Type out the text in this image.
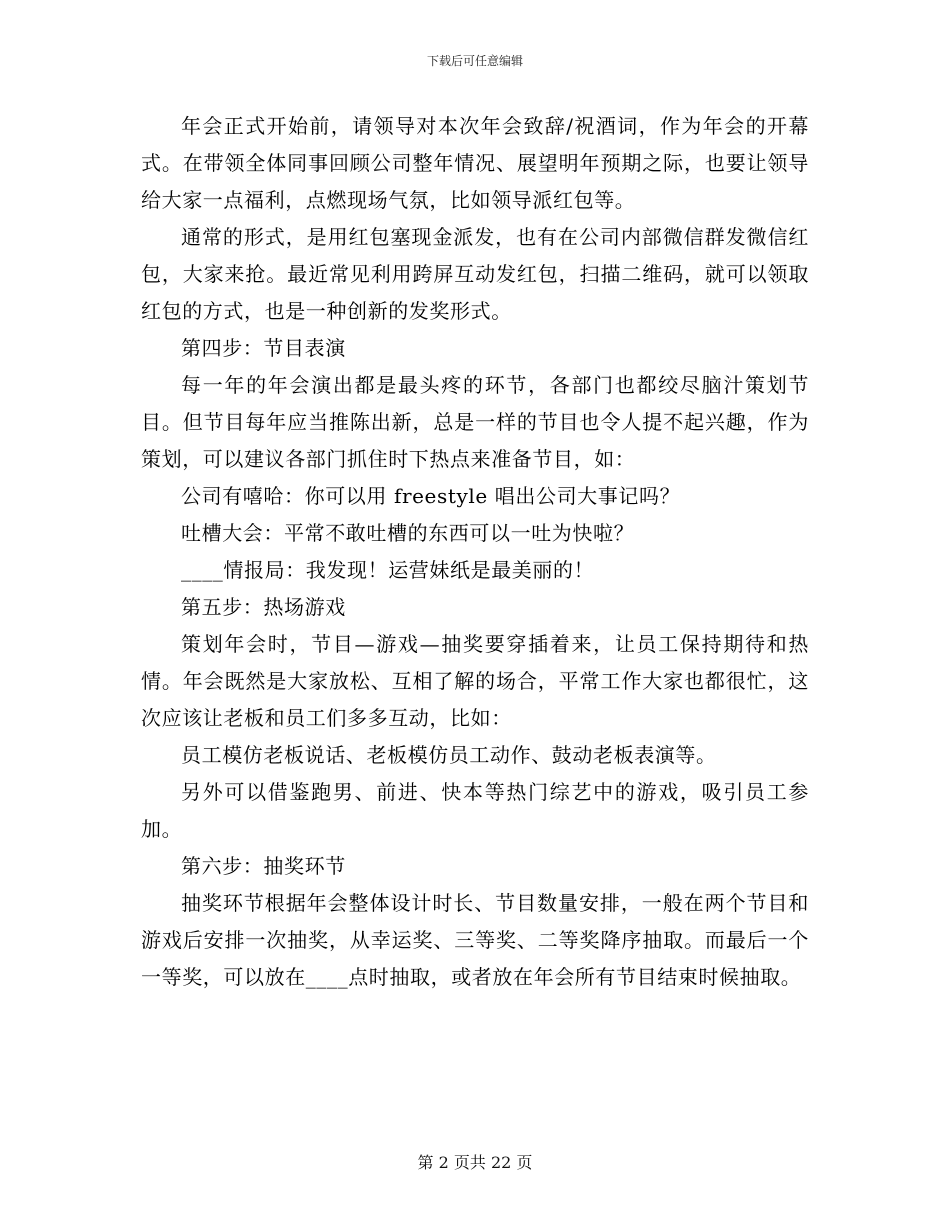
下载后可任意编辑

年会正式开始前，请领导对本次年会致辞/祝酒词，作为年会的开幕式。在带领全体同事回顾公司整年情况、展望明年预期之际，也要让领导给大家一点福利，点燃现场气氛，比如领导派红包等。

通常的形式，是用红包塞现金派发，也有在公司内部微信群发微信红包，大家来抢。最近常见利用跨屏互动发红包，扫描二维码，就可以领取红包的方式，也是一种创新的发奖形式。

第四步：节目表演

每一年的年会演出都是最头疼的环节，各部门也都绞尽脑汁策划节目。但节目每年应当推陈出新，总是一样的节目也令人提不起兴趣，作为策划，可以建议各部门抓住时下热点来准备节目，如：

公司有嘻哈：你可以用 freestyle 唱出公司大事记吗？

吐槽大会：平常不敢吐槽的东西可以一吐为快啦？

____情报局：我发现！运营妹纸是最美丽的！

第五步：热场游戏

策划年会时，节目—游戏—抽奖要穿插着来，让员工保持期待和热情。年会既然是大家放松、互相了解的场合，平常工作大家也都很忙，这次应该让老板和员工们多多互动，比如：

员工模仿老板说话、老板模仿员工动作、鼓动老板表演等。

另外可以借鉴跑男、前进、快本等热门综艺中的游戏，吸引员工参加。

第六步：抽奖环节

抽奖环节根据年会整体设计时长、节目数量安排，一般在两个节目和游戏后安排一次抽奖，从幸运奖、三等奖、二等奖降序抽取。而最后一个一等奖，可以放在____点时抽取，或者放在年会所有节目结束时候抽取。

第 2 页共 22 页
